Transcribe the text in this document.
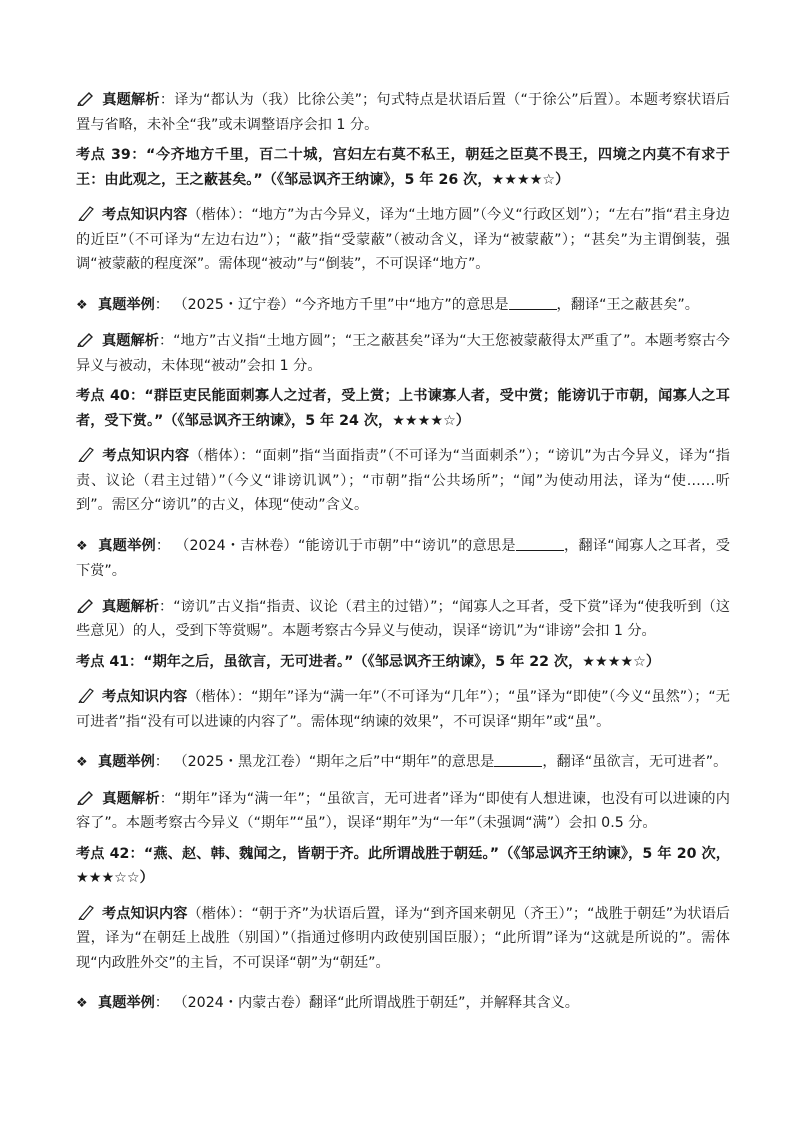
真题解析：译为“都认为（我）比徐公美”；句式特点是状语后置（“于徐公”后置）。本题考察状语后置与省略，未补全“我”或未调整语序会扣 1 分。

考点 39：“今齐地方千里，百二十城，宫妇左右莫不私王，朝廷之臣莫不畏王，四境之内莫不有求于王：由此观之，王之蔽甚矣。”（《邹忌讽齐王纳谏》，5 年 26 次，★★★★☆）

考点知识内容（楷体）：“地方”为古今异义，译为“土地方圆”（今义“行政区划”）；“左右”指“君主身边的近臣”（不可译为“左边右边”）；“蔽”指“受蒙蔽”（被动含义，译为“被蒙蔽”）；“甚矣”为主谓倒装，强调“被蒙蔽的程度深”。需体现“被动”与“倒装”，不可误译“地方”。

❖ 真题举例： （2025・辽宁卷）“今齐地方千里”中“地方”的意思是	，翻译“王之蔽甚矣”。

真题解析：“地方”古义指“土地方圆”；“王之蔽甚矣”译为“大王您被蒙蔽得太严重了”。本题考察古今异义与被动，未体现“被动”会扣 1 分。

考点 40：“群臣吏民能面刺寡人之过者，受上赏；上书谏寡人者，受中赏；能谤讥于市朝，闻寡人之耳者，受下赏。”（《邹忌讽齐王纳谏》，5 年 24 次，★★★★☆）

考点知识内容（楷体）：“面刺”指“当面指责”（不可译为“当面刺杀”）；“谤讥”为古今异义，译为“指责、议论（君主过错）”（今义“诽谤讥讽”）；“市朝”指“公共场所”；“闻”为使动用法，译为“使……听到”。需区分“谤讥”的古义，体现“使动”含义。

❖ 真题举例： （2024・吉林卷）“能谤讥于市朝”中“谤讥”的意思是	，翻译“闻寡人之耳者，受下赏”。

真题解析：“谤讥”古义指“指责、议论（君主的过错）”；“闻寡人之耳者，受下赏”译为“使我听到（这些意见）的人，受到下等赏赐”。本题考察古今异义与使动，误译“谤讥”为“诽谤”会扣 1 分。

考点 41：“期年之后，虽欲言，无可进者。”（《邹忌讽齐王纳谏》，5 年 22 次，★★★★☆）

考点知识内容（楷体）：“期年”译为“满一年”（不可译为“几年”）；“虽”译为“即使”（今义“虽然”）；“无可进者”指“没有可以进谏的内容了”。需体现“纳谏的效果”，不可误译“期年”或“虽”。

❖ 真题举例： （2025・黑龙江卷）“期年之后”中“期年”的意思是	，翻译“虽欲言，无可进者”。

真题解析：“期年”译为“满一年”；“虽欲言，无可进者”译为“即使有人想进谏，也没有可以进谏的内容了”。本题考察古今异义（“期年”“虽”），误译“期年”为“一年”（未强调“满”）会扣 0.5 分。

考点 42：“燕、赵、韩、魏闻之，皆朝于齐。此所谓战胜于朝廷。”（《邹忌讽齐王纳谏》，5 年 20 次，★★★☆☆）

考点知识内容（楷体）：“朝于齐”为状语后置，译为“到齐国来朝见（齐王）”；“战胜于朝廷”为状语后置，译为“在朝廷上战胜（别国）”（指通过修明内政使别国臣服）；“此所谓”译为“这就是所说的”。需体现“内政胜外交”的主旨，不可误译“朝”为“朝廷”。

❖ 真题举例： （2024・内蒙古卷）翻译“此所谓战胜于朝廷”，并解释其含义。
